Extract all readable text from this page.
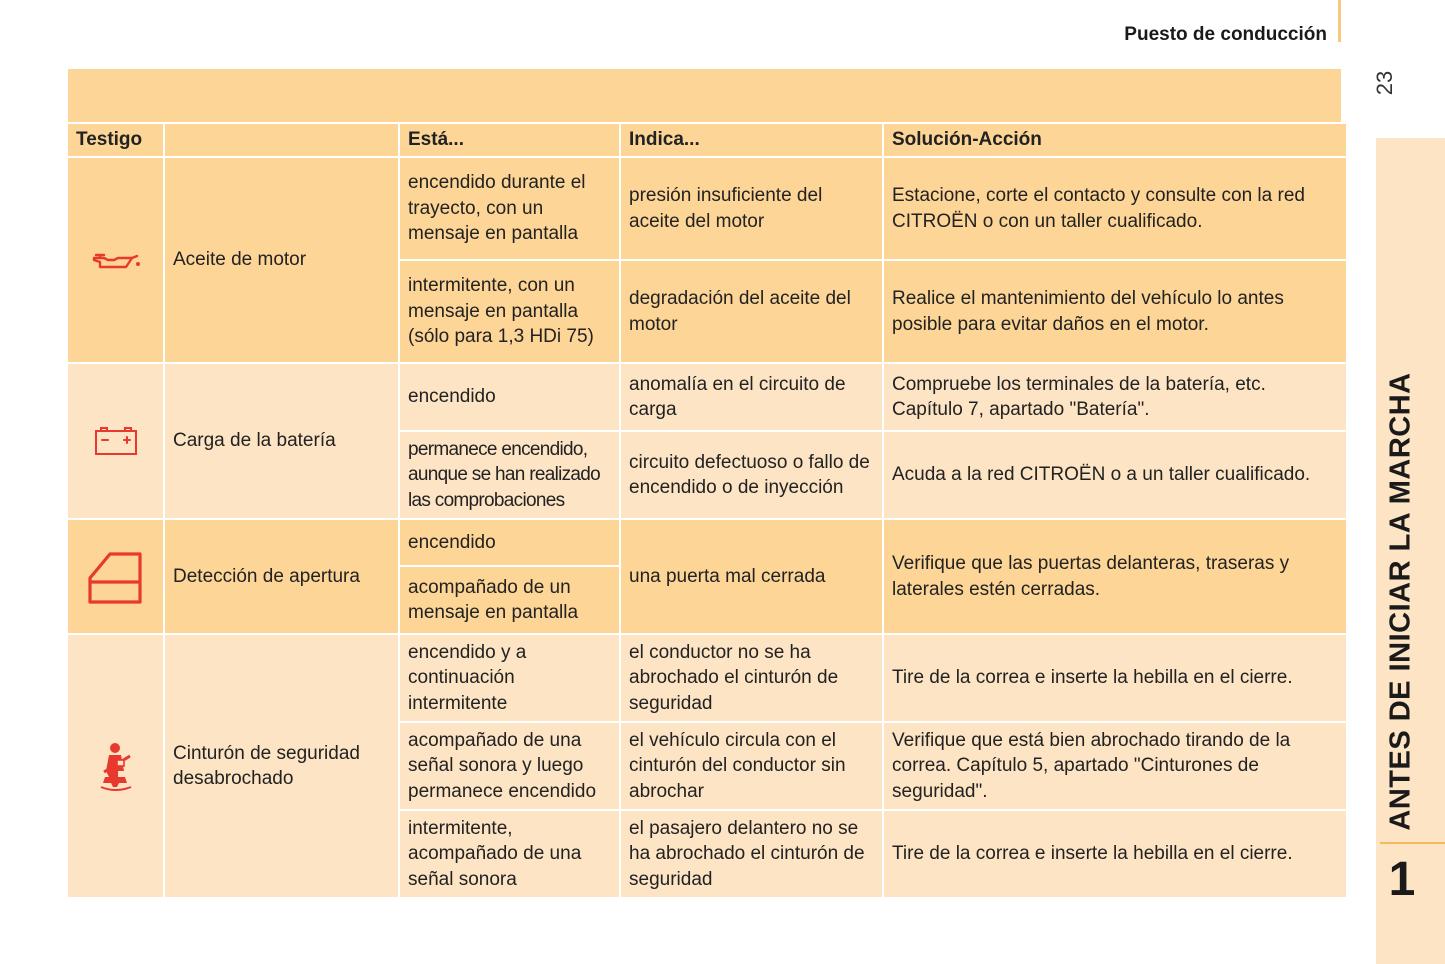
Puesto de conducción
23
ANTES DE INICIAR LA MARCHA
1
Testigo		Está...	Indica...	Solución-Acción

	Aceite de motor	encendido durante el trayecto, con un mensaje en pantalla	presión insuficiente del aceite del motor	Estacione, corte el contacto y consulte con la red CITROËN o con un taller cualificado.
		intermitente, con un mensaje en pantalla (sólo para 1,3 HDi 75)	degradación del aceite del motor	Realice el mantenimiento del vehículo lo antes posible para evitar daños en el motor.

	Carga de la batería	encendido	anomalía en el circuito de carga	Compruebe los terminales de la batería, etc. Capítulo 7, apartado "Batería".
		permanece encendido, aunque se han realizado las comprobaciones	circuito defectuoso o fallo de encendido o de inyección	Acuda a la red CITROËN o a un taller cualificado.

	Detección de apertura	encendido	una puerta mal cerrada	Verifique que las puertas delanteras, traseras y laterales estén cerradas.
		acompañado de un mensaje en pantalla		

	Cinturón de seguridad desabrochado	encendido y a continuación intermitente	el conductor no se ha abrochado el cinturón de seguridad	Tire de la correa e inserte la hebilla en el cierre.
		acompañado de una señal sonora y luego permanece encendido	el vehículo circula con el cinturón del conductor sin abrochar	Verifique que está bien abrochado tirando de la correa. Capítulo 5, apartado "Cinturones de seguridad".
		intermitente, acompañado de una señal sonora	el pasajero delantero no se ha abrochado el cinturón de seguridad	Tire de la correa e inserte la hebilla en el cierre.
